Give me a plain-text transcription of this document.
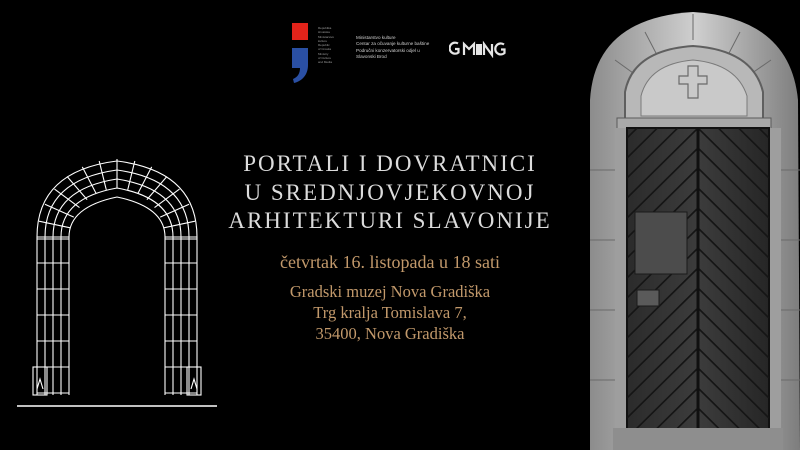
Republika
Hrvatska
Ministarstvo
kulture
Republic
of Croatia
Ministry
of Culture
and Media
Ministarstvo kulture
Centar za očuvanje kulturne baštine
Područni konzervatorski odjel u
Slavonski Brod
PORTALI I DOVRATNICI
U SREDNJOVJEKOVNOJ
ARHITEKTURI SLAVONIJE
četvrtak 16. listopada u 18 sati
Gradski muzej Nova Gradiška
Trg kralja Tomislava 7,
35400, Nova Gradiška
